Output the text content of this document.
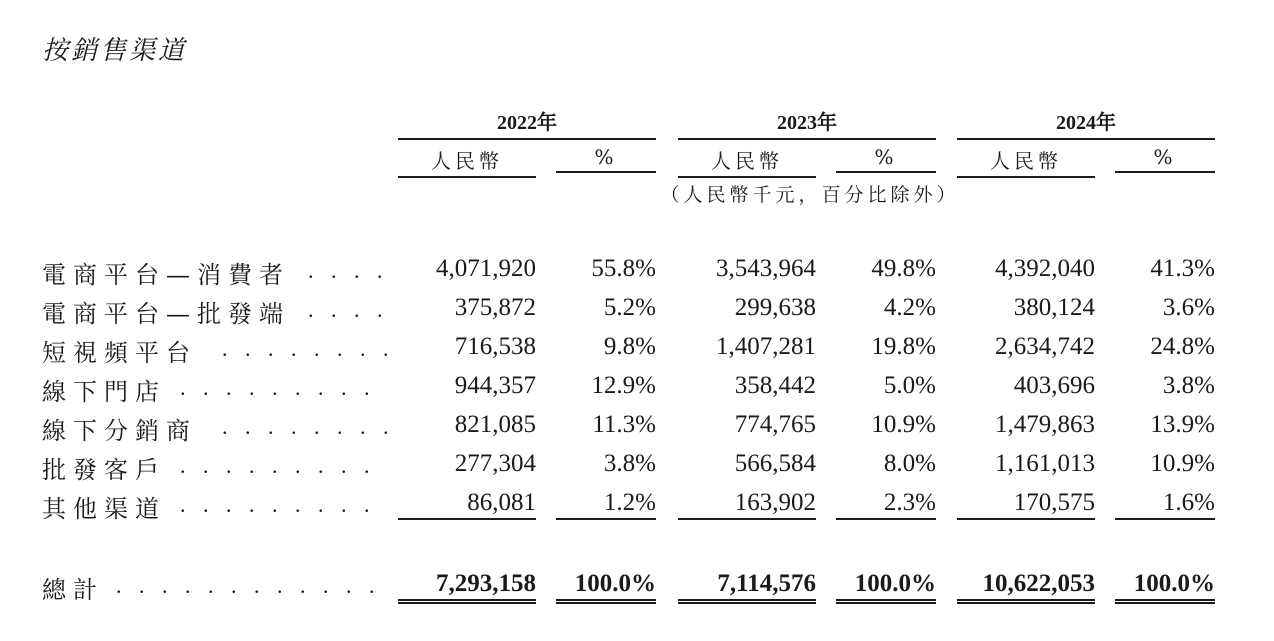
按銷售渠道
2022年	2023年	2024年
人民幣	%	人民幣	%	人民幣	%
（人民幣千元，百分比除外）
電商平台—消費者 . . . .	4,071,920	55.8%	3,543,964	49.8%	4,392,040	41.3%
電商平台—批發端 . . . .	375,872	5.2%	299,638	4.2%	380,124	3.6%
短視頻平台 . . . . . . . .	716,538	9.8%	1,407,281	19.8%	2,634,742	24.8%
線下門店 . . . . . . . . .	944,357	12.9%	358,442	5.0%	403,696	3.8%
線下分銷商 . . . . . . . .	821,085	11.3%	774,765	10.9%	1,479,863	13.9%
批發客戶 . . . . . . . . .	277,304	3.8%	566,584	8.0%	1,161,013	10.9%
其他渠道 . . . . . . . . .	86,081	1.2%	163,902	2.3%	170,575	1.6%
總計 . . . . . . . . . . . .	7,293,158	100.0%	7,114,576	100.0%	10,622,053	100.0%
